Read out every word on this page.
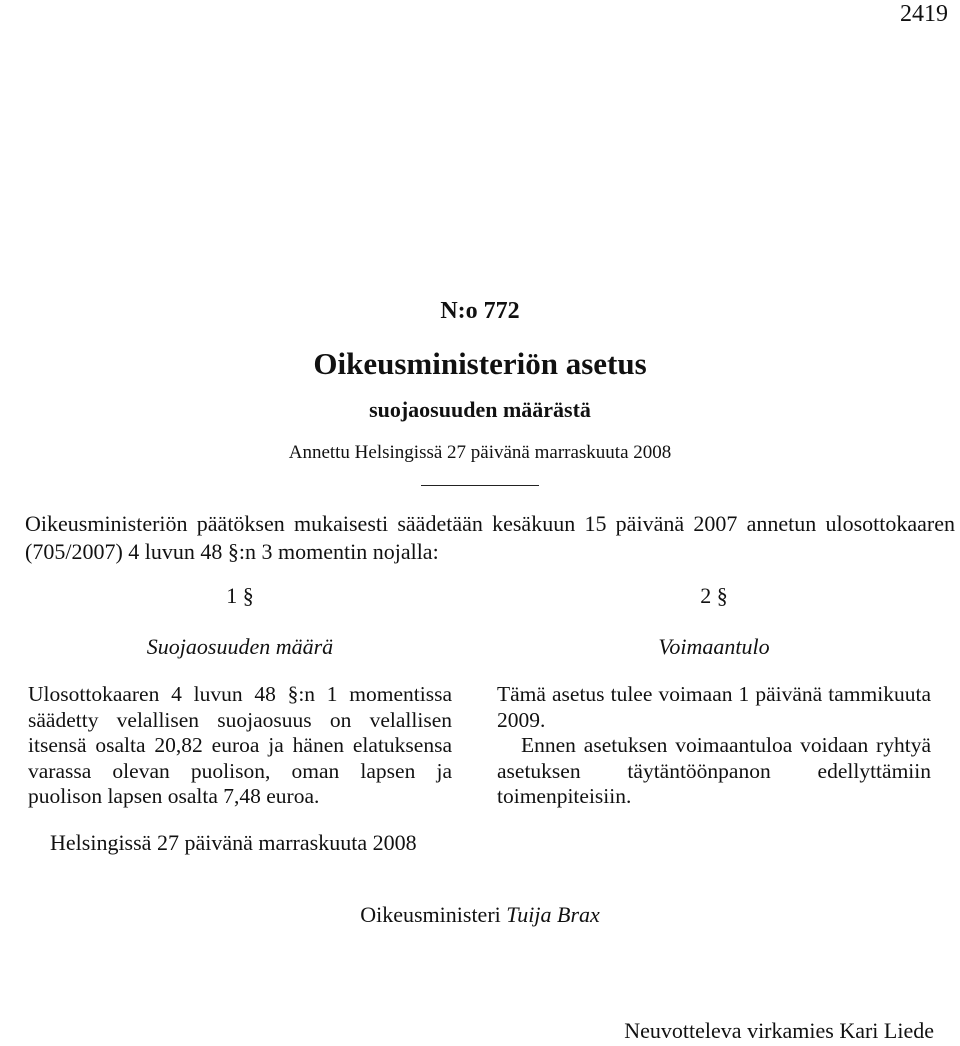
2419
N:o 772
Oikeusministeriön asetus
suojaosuuden määrästä
Annettu Helsingissä 27 päivänä marraskuuta 2008
Oikeusministeriön päätöksen mukaisesti säädetään kesäkuun 15 päivänä 2007 annetun ulosottokaaren (705/2007) 4 luvun 48 §:n 3 momentin nojalla:
1 §
Suojaosuuden määrä

Ulosottokaaren 4 luvun 48 §:n 1 momentissa säädetty velallisen suojaosuus on velallisen itsensä osalta 20,82 euroa ja hänen elatuksensa varassa olevan puolison, oman lapsen ja puolison lapsen osalta 7,48 euroa.

2 §
Voimaantulo

Tämä asetus tulee voimaan 1 päivänä tammikuuta 2009.

Ennen asetuksen voimaantuloa voidaan ryhtyä asetuksen täytäntöönpanon edellyttämiin toimenpiteisiin.

Helsingissä 27 päivänä marraskuuta 2008
Oikeusministeri Tuija Brax
Neuvotteleva virkamies Kari Liede
